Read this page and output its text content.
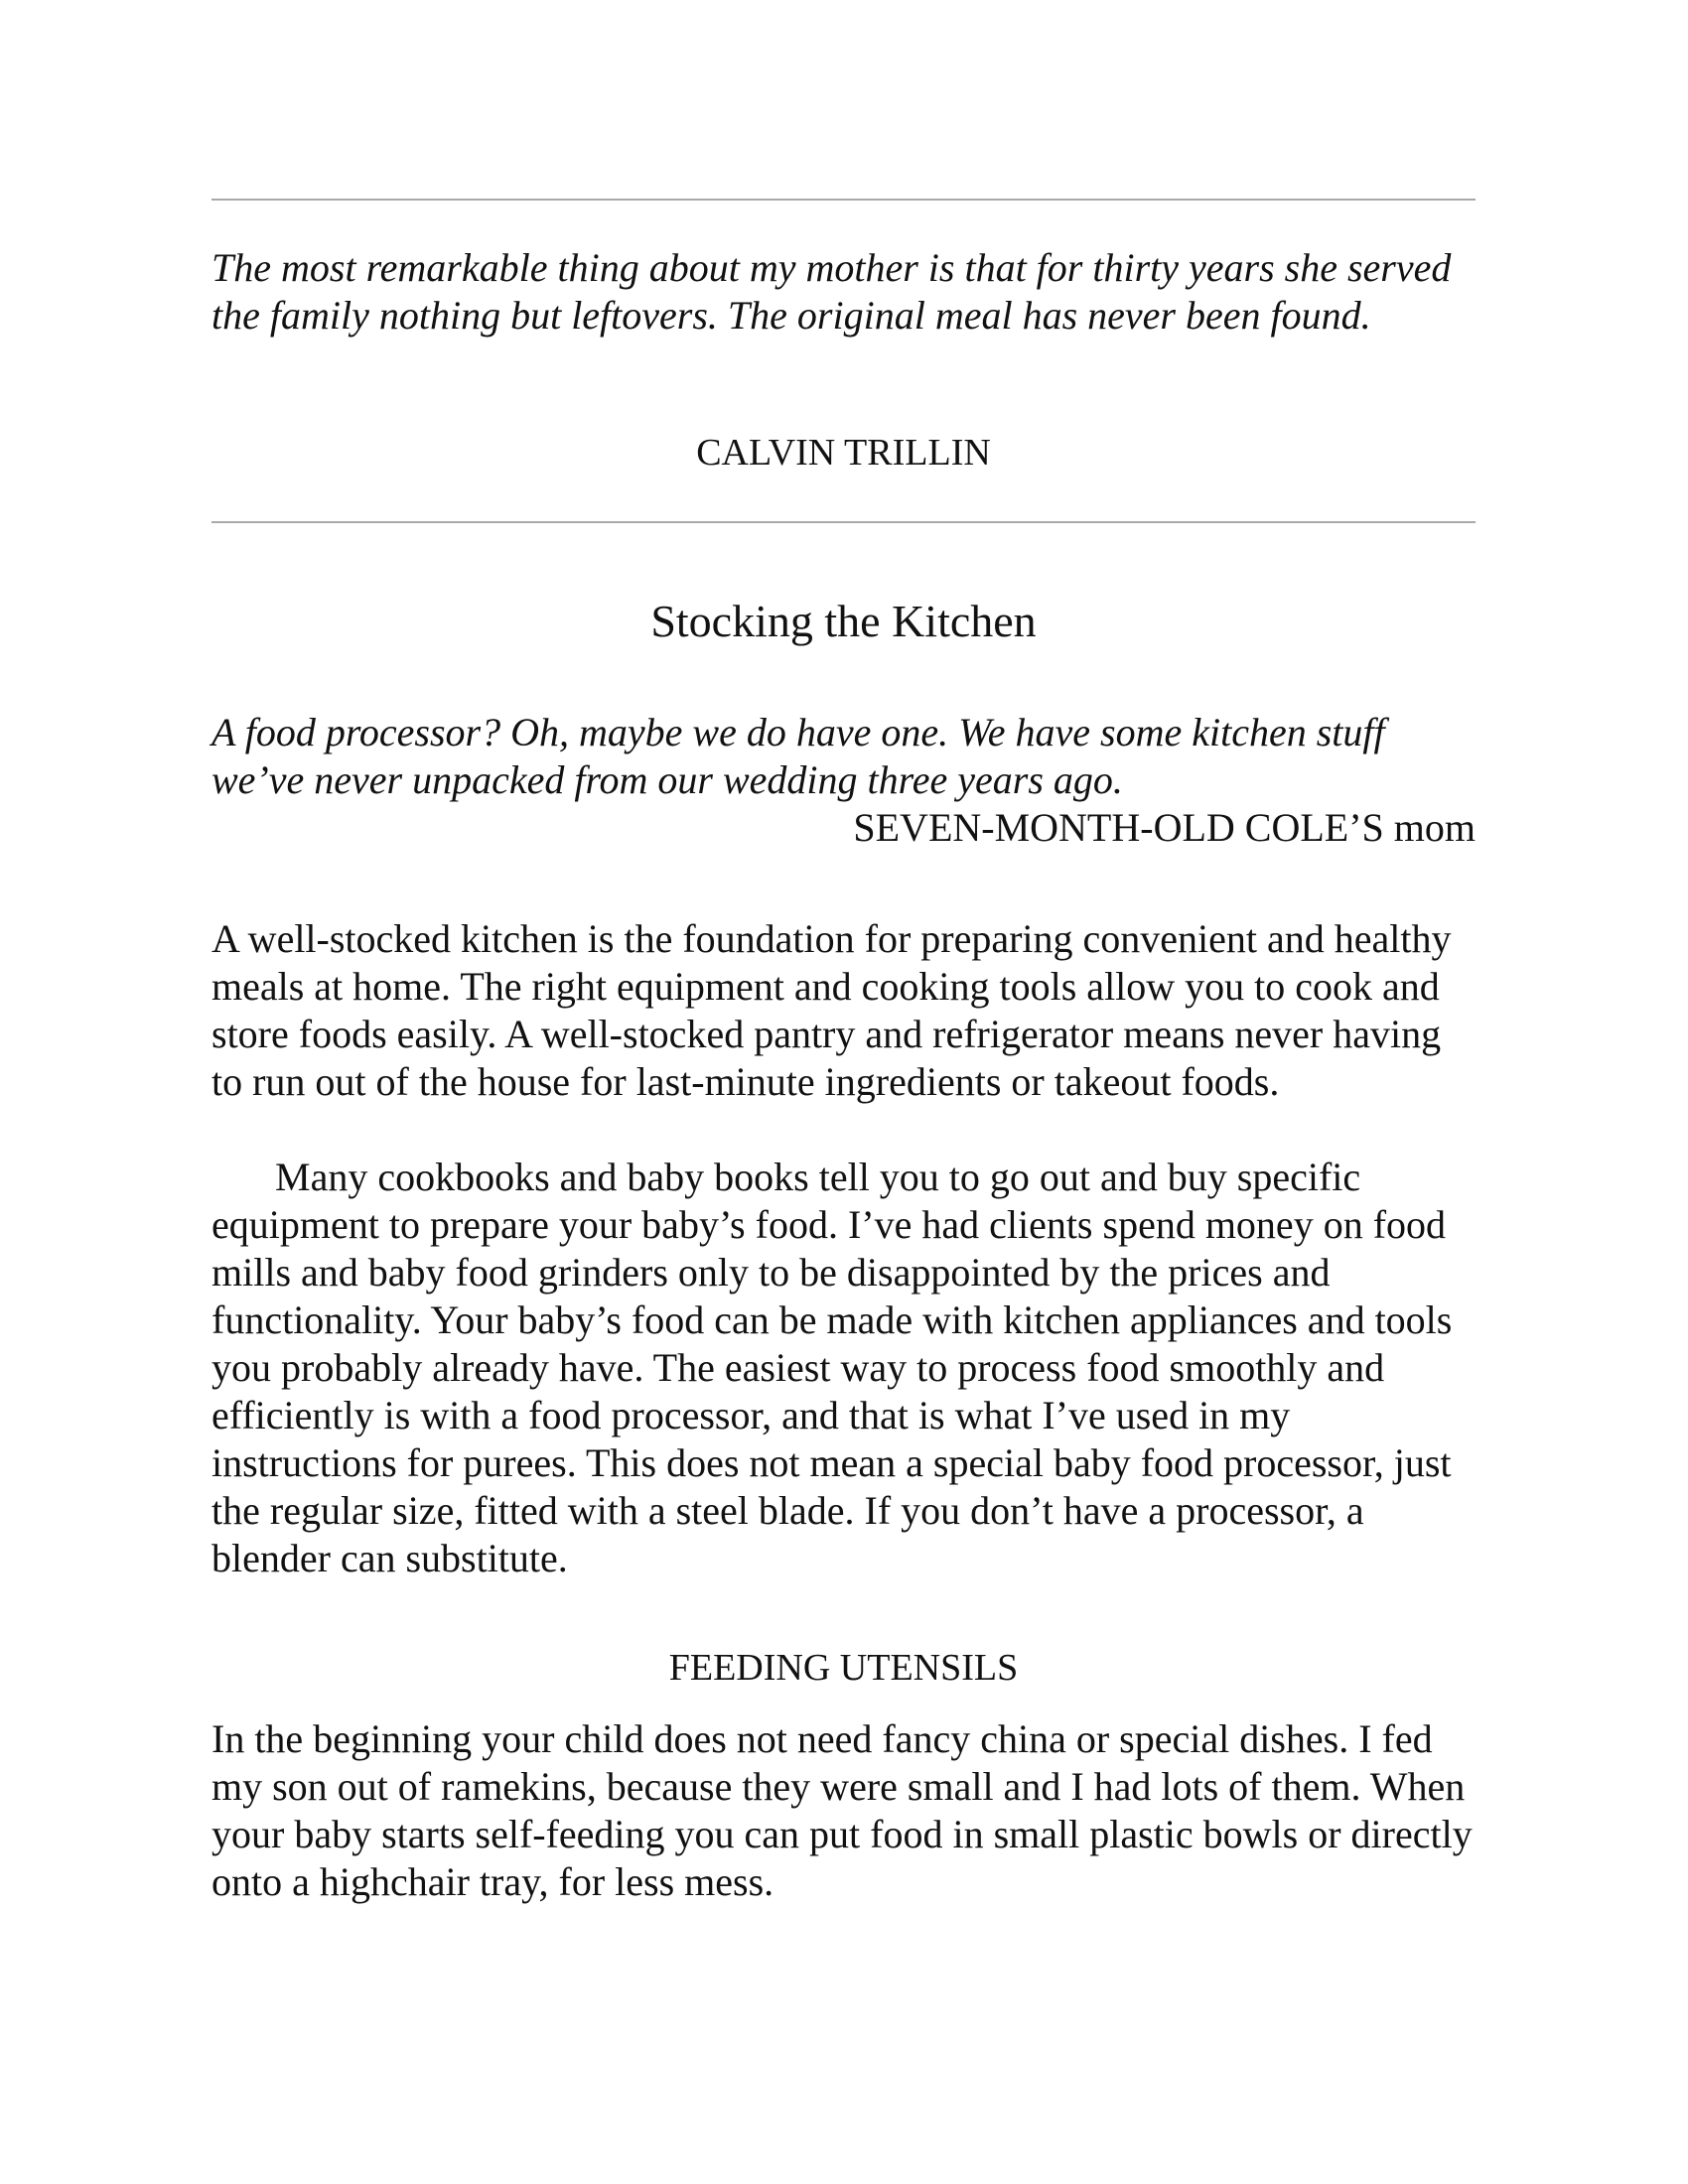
The most remarkable thing about my mother is that for thirty years she served the family nothing but leftovers. The original meal has never been found.

CALVIN TRILLIN

Stocking the Kitchen

A food processor? Oh, maybe we do have one. We have some kitchen stuff we’ve never unpacked from our wedding three years ago.

SEVEN-MONTH-OLD COLE’S mom

A well-stocked kitchen is the foundation for preparing convenient and healthy meals at home. The right equipment and cooking tools allow you to cook and store foods easily. A well-stocked pantry and refrigerator means never having to run out of the house for last-minute ingredients or takeout foods.

Many cookbooks and baby books tell you to go out and buy specific equipment to prepare your baby’s food. I’ve had clients spend money on food mills and baby food grinders only to be disappointed by the prices and functionality. Your baby’s food can be made with kitchen appliances and tools you probably already have. The easiest way to process food smoothly and efficiently is with a food processor, and that is what I’ve used in my instructions for purees. This does not mean a special baby food processor, just the regular size, fitted with a steel blade. If you don’t have a processor, a blender can substitute.

FEEDING UTENSILS

In the beginning your child does not need fancy china or special dishes. I fed my son out of ramekins, because they were small and I had lots of them. When your baby starts self-feeding you can put food in small plastic bowls or directly onto a highchair tray, for less mess.
